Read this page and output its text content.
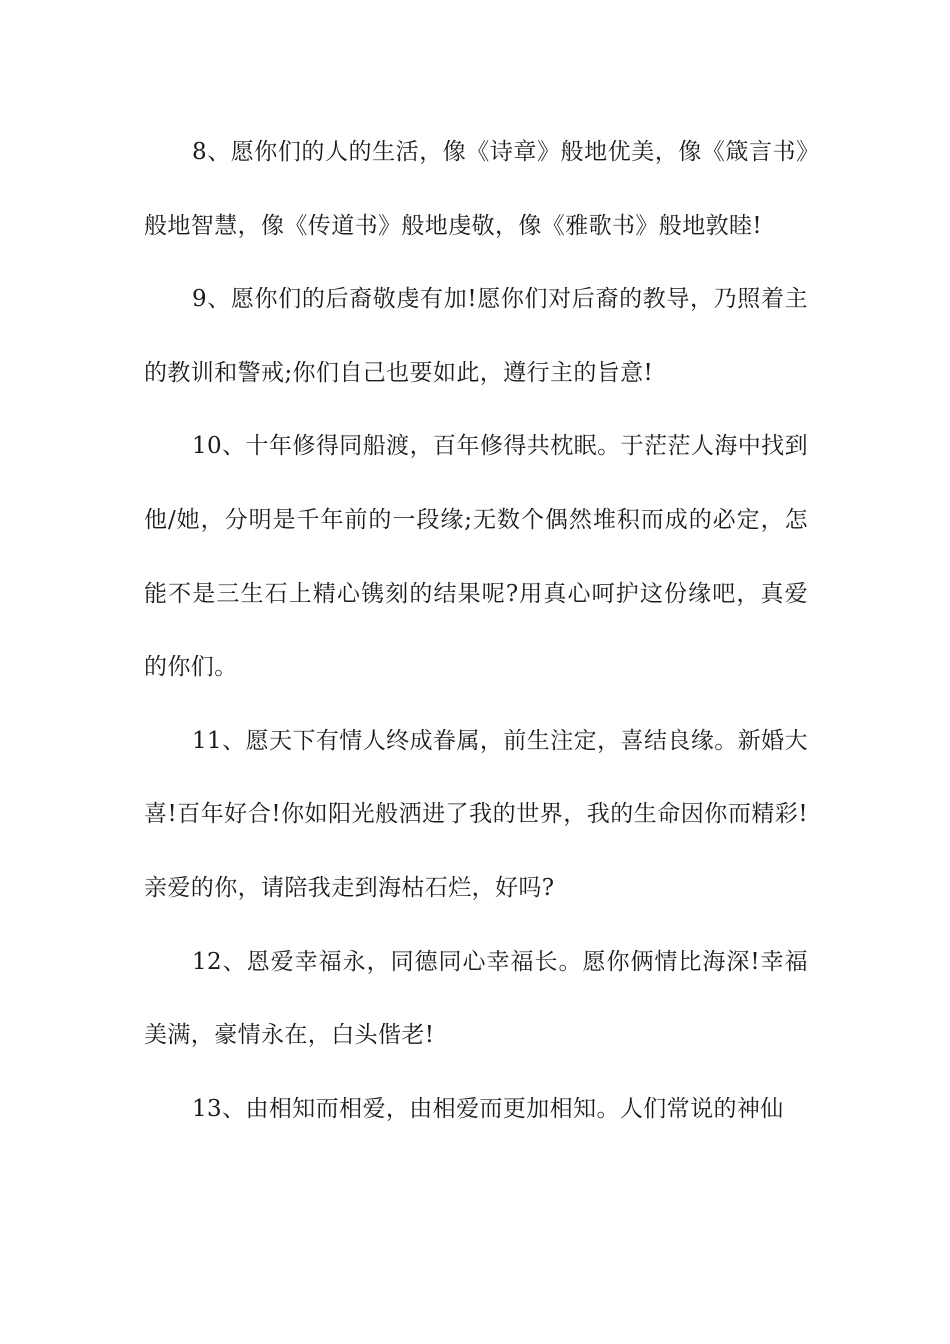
8、愿你们的人的生活，像《诗章》般地优美，像《箴言书》般地智慧，像《传道书》般地虔敬，像《雅歌书》般地敦睦!

9、愿你们的后裔敬虔有加!愿你们对后裔的教导，乃照着主的教训和警戒;你们自己也要如此，遵行主的旨意!

10、十年修得同船渡，百年修得共枕眠。于茫茫人海中找到他/她，分明是千年前的一段缘;无数个偶然堆积而成的必定，怎能不是三生石上精心镌刻的结果呢?用真心呵护这份缘吧，真爱的你们。

11、愿天下有情人终成眷属，前生注定，喜结良缘。新婚大喜!百年好合!你如阳光般洒进了我的世界，我的生命因你而精彩!亲爱的你，请陪我走到海枯石烂，好吗?

12、恩爱幸福永，同德同心幸福长。愿你俩情比海深!幸福美满，豪情永在，白头偕老!

13、由相知而相爱，由相爱而更加相知。人们常说的神仙
